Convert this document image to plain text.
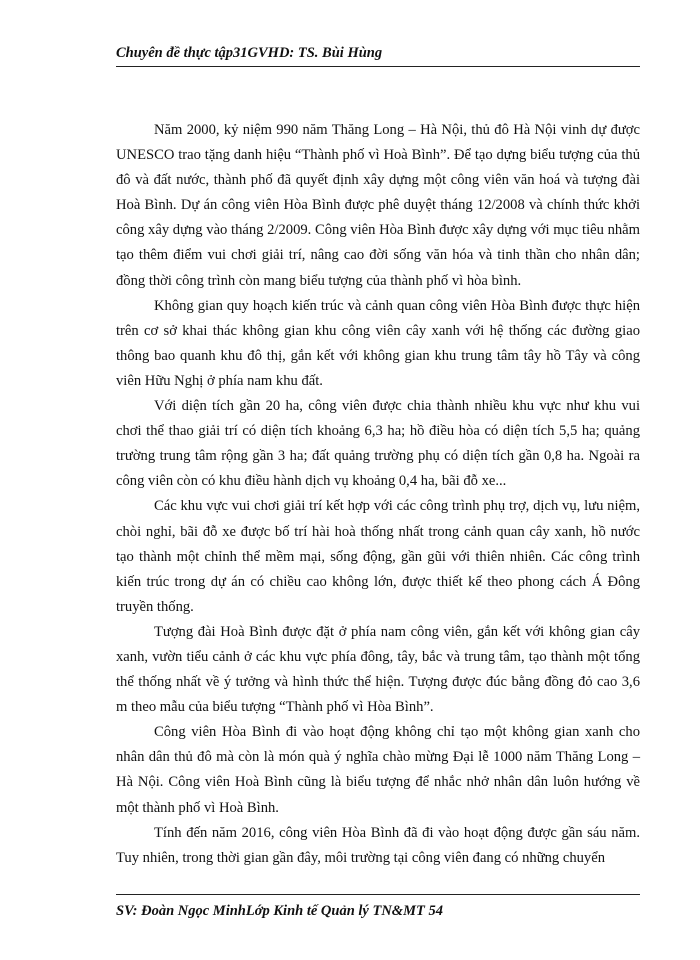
Chuyên đề thực tập31GVHD: TS. Bùi Hùng

Năm 2000, kỷ niệm 990 năm Thăng Long – Hà Nội, thủ đô Hà Nội vinh dự được UNESCO trao tặng danh hiệu “Thành phố vì Hoà Bình”. Để tạo dựng biểu tượng của thủ đô và đất nước, thành phố đã quyết định xây dựng một công viên văn hoá và tượng đài Hoà Bình. Dự án công viên Hòa Bình được phê duyệt tháng 12/2008 và chính thức khởi công xây dựng vào tháng 2/2009. Công viên Hòa Bình được xây dựng với mục tiêu nhằm tạo thêm điểm vui chơi giải trí, nâng cao đời sống văn hóa và tinh thần cho nhân dân; đồng thời công trình còn mang biểu tượng của thành phố vì hòa bình.

Không gian quy hoạch kiến trúc và cảnh quan công viên Hòa Bình được thực hiện trên cơ sở khai thác không gian khu công viên cây xanh với hệ thống các đường giao thông bao quanh khu đô thị, gắn kết với không gian khu trung tâm tây hồ Tây và công viên Hữu Nghị ở phía nam khu đất.

Với diện tích gần 20 ha, công viên được chia thành nhiều khu vực như khu vui chơi thể thao giải trí có diện tích khoảng 6,3 ha; hồ điều hòa có diện tích 5,5 ha; quảng trường trung tâm rộng gần 3 ha; đất quảng trường phụ có diện tích gần 0,8 ha. Ngoài ra công viên còn có khu điều hành dịch vụ khoảng 0,4 ha, bãi đỗ xe...

Các khu vực vui chơi giải trí kết hợp với các công trình phụ trợ, dịch vụ, lưu niệm, chòi nghỉ, bãi đỗ xe được bố trí hài hoà thống nhất trong cảnh quan cây xanh, hồ nước tạo thành một chỉnh thể mềm mại, sống động, gần gũi với thiên nhiên. Các công trình kiến trúc trong dự án có chiều cao không lớn, được thiết kế theo phong cách Á Đông truyền thống.

Tượng đài Hoà Bình được đặt ở phía nam công viên, gắn kết với không gian cây xanh, vườn tiểu cảnh ở các khu vực phía đông, tây, bắc và trung tâm, tạo thành một tổng thể thống nhất về ý tưởng và hình thức thể hiện. Tượng được đúc bằng đồng đỏ cao 3,6 m theo mẫu của biểu tượng “Thành phố vì Hòa Bình”.

Công viên Hòa Bình đi vào hoạt động không chỉ tạo một không gian xanh cho nhân dân thủ đô mà còn là món quà ý nghĩa chào mừng Đại lễ 1000 năm Thăng Long – Hà Nội. Công viên Hoà Bình cũng là biểu tượng để nhắc nhở nhân dân luôn hướng về một thành phố vì Hoà Bình.

Tính đến năm 2016, công viên Hòa Bình đã đi vào hoạt động được gần sáu năm. Tuy nhiên, trong thời gian gần đây, môi trường tại công viên đang có những chuyển

SV: Đoàn Ngọc MinhLớp Kinh tế Quản lý TN&MT 54
